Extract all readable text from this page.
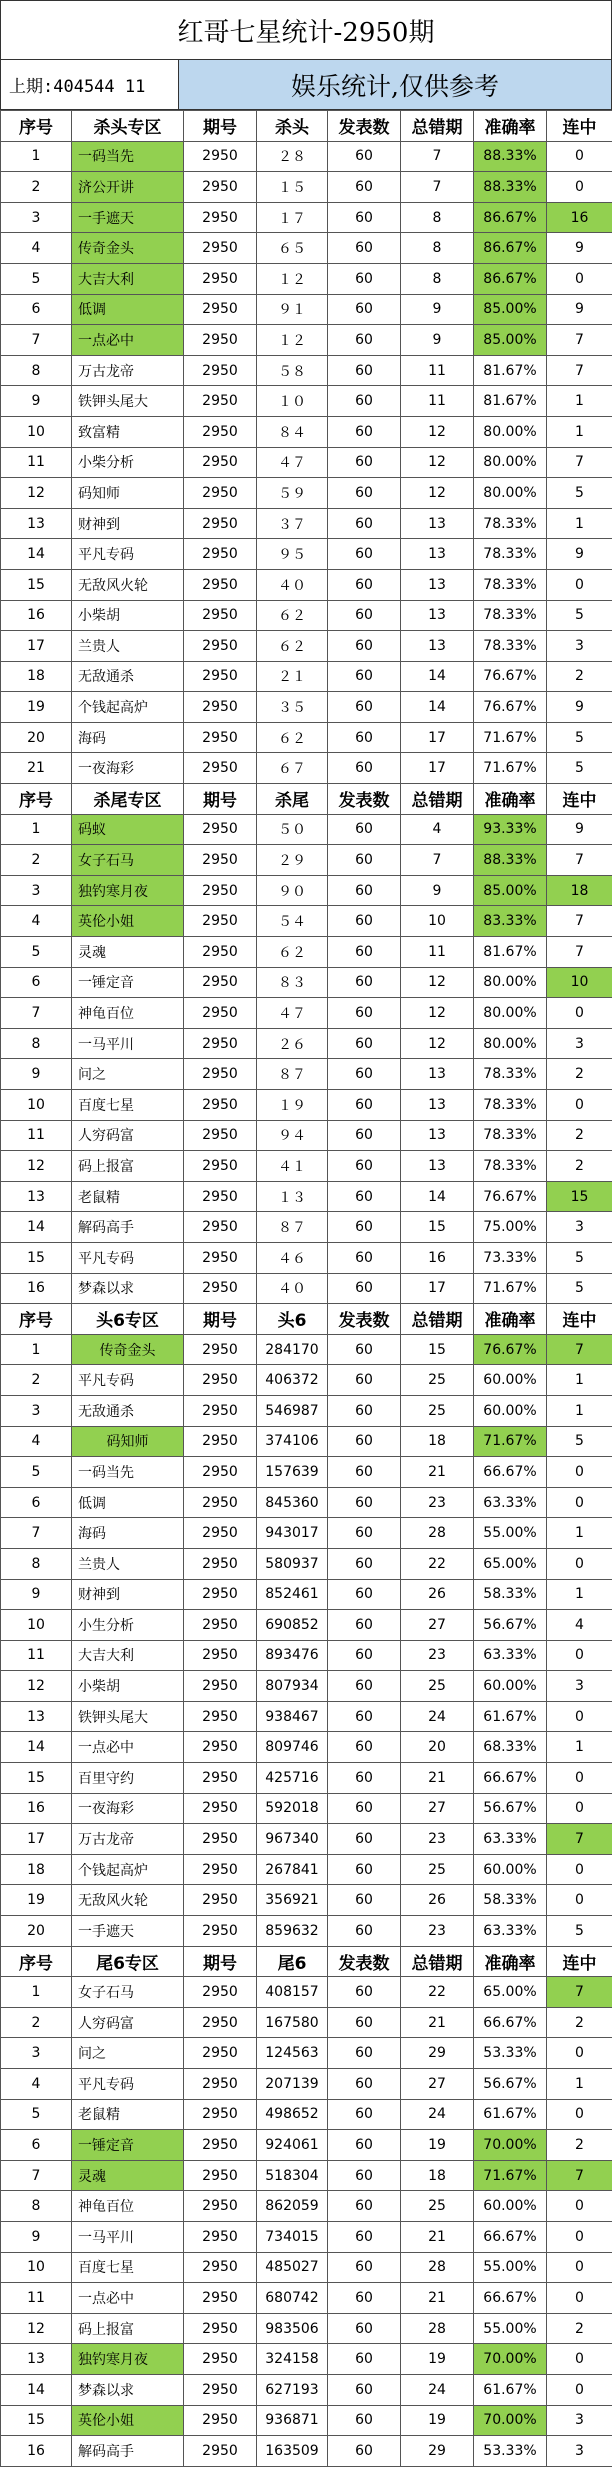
红哥七星统计-2950期
上期:404544 11	娱乐统计,仅供参考
序号	杀头专区	期号	杀头	发表数	总错期	准确率	连中
1	一码当先	2950	２８	60	7	88.33%	0
2	济公开讲	2950	１５	60	7	88.33%	0
3	一手遮天	2950	１７	60	8	86.67%	16
4	传奇金头	2950	６５	60	8	86.67%	9
5	大吉大利	2950	１２	60	8	86.67%	0
6	低调	2950	９１	60	9	85.00%	9
7	一点必中	2950	１２	60	9	85.00%	7
8	万古龙帝	2950	５８	60	11	81.67%	7
9	铁钾头尾大	2950	１０	60	11	81.67%	1
10	致富精	2950	８４	60	12	80.00%	1
11	小柴分析	2950	４７	60	12	80.00%	7
12	码知师	2950	５９	60	12	80.00%	5
13	财神到	2950	３７	60	13	78.33%	1
14	平凡专码	2950	９５	60	13	78.33%	9
15	无敌风火轮	2950	４０	60	13	78.33%	0
16	小柴胡	2950	６２	60	13	78.33%	5
17	兰贵人	2950	６２	60	13	78.33%	3
18	无敌通杀	2950	２１	60	14	76.67%	2
19	个钱起高炉	2950	３５	60	14	76.67%	9
20	海码	2950	６２	60	17	71.67%	5
21	一夜海彩	2950	６７	60	17	71.67%	5
序号	杀尾专区	期号	杀尾	发表数	总错期	准确率	连中
1	码蚁	2950	５０	60	4	93.33%	9
2	女子石马	2950	２９	60	7	88.33%	7
3	独钓寒月夜	2950	９０	60	9	85.00%	18
4	英伦小姐	2950	５４	60	10	83.33%	7
5	灵魂	2950	６２	60	11	81.67%	7
6	一锤定音	2950	８３	60	12	80.00%	10
7	神龟百位	2950	４７	60	12	80.00%	0
8	一马平川	2950	２６	60	12	80.00%	3
9	问之	2950	８７	60	13	78.33%	2
10	百度七星	2950	１９	60	13	78.33%	0
11	人穷码富	2950	９４	60	13	78.33%	2
12	码上报富	2950	４１	60	13	78.33%	2
13	老鼠精	2950	１３	60	14	76.67%	15
14	解码高手	2950	８７	60	15	75.00%	3
15	平凡专码	2950	４６	60	16	73.33%	5
16	梦森以求	2950	４０	60	17	71.67%	5
序号	头6专区	期号	头6	发表数	总错期	准确率	连中
1	传奇金头	2950	284170	60	15	76.67%	7
2	平凡专码	2950	406372	60	25	60.00%	1
3	无敌通杀	2950	546987	60	25	60.00%	1
4	码知师	2950	374106	60	18	71.67%	5
5	一码当先	2950	157639	60	21	66.67%	0
6	低调	2950	845360	60	23	63.33%	0
7	海码	2950	943017	60	28	55.00%	1
8	兰贵人	2950	580937	60	22	65.00%	0
9	财神到	2950	852461	60	26	58.33%	1
10	小生分析	2950	690852	60	27	56.67%	4
11	大吉大利	2950	893476	60	23	63.33%	0
12	小柴胡	2950	807934	60	25	60.00%	3
13	铁钾头尾大	2950	938467	60	24	61.67%	0
14	一点必中	2950	809746	60	20	68.33%	1
15	百里守约	2950	425716	60	21	66.67%	0
16	一夜海彩	2950	592018	60	27	56.67%	0
17	万古龙帝	2950	967340	60	23	63.33%	7
18	个钱起高炉	2950	267841	60	25	60.00%	0
19	无敌风火轮	2950	356921	60	26	58.33%	0
20	一手遮天	2950	859632	60	23	63.33%	5
序号	尾6专区	期号	尾6	发表数	总错期	准确率	连中
1	女子石马	2950	408157	60	22	65.00%	7
2	人穷码富	2950	167580	60	21	66.67%	2
3	问之	2950	124563	60	29	53.33%	0
4	平凡专码	2950	207139	60	27	56.67%	1
5	老鼠精	2950	498652	60	24	61.67%	0
6	一锤定音	2950	924061	60	19	70.00%	2
7	灵魂	2950	518304	60	18	71.67%	7
8	神龟百位	2950	862059	60	25	60.00%	0
9	一马平川	2950	734015	60	21	66.67%	0
10	百度七星	2950	485027	60	28	55.00%	0
11	一点必中	2950	680742	60	21	66.67%	0
12	码上报富	2950	983506	60	28	55.00%	2
13	独钓寒月夜	2950	324158	60	19	70.00%	0
14	梦森以求	2950	627193	60	24	61.67%	0
15	英伦小姐	2950	936871	60	19	70.00%	3
16	解码高手	2950	163509	60	29	53.33%	3
